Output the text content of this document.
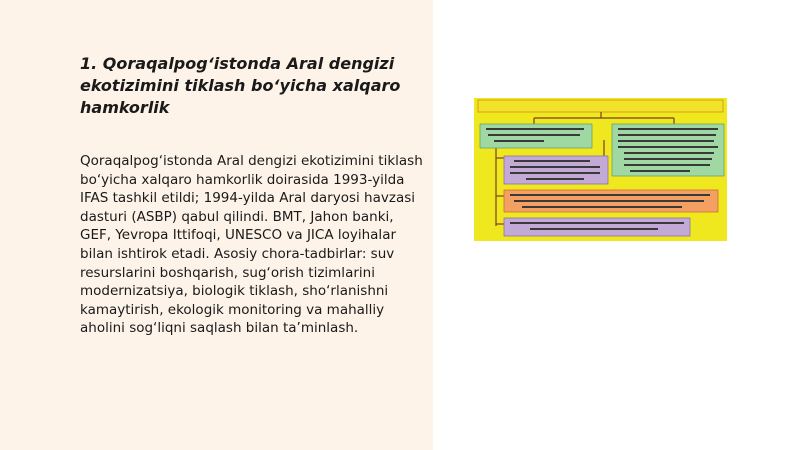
1. Qoraqalpog‘istonda Aral dengizi ekotizimini tiklash bo‘yicha xalqaro hamkorlik

Qoraqalpog‘istonda Aral dengizi ekotizimini tiklash bo‘yicha xalqaro hamkorlik doirasida 1993-yilda IFAS tashkil etildi; 1994-yilda Aral daryosi havzasi dasturi (ASBP) qabul qilindi. BMT, Jahon banki, GEF, Yevropa Ittifoqi, UNESCO va JICA loyihalar bilan ishtirok etadi. Asosiy chora-tadbirlar: suv resurslarini boshqarish, sug‘orish tizimlarini modernizatsiya, biologik tiklash, sho‘rlanishni kamaytirish, ekologik monitoring va mahalliy aholini sog‘liqni saqlash bilan ta’minlash.
